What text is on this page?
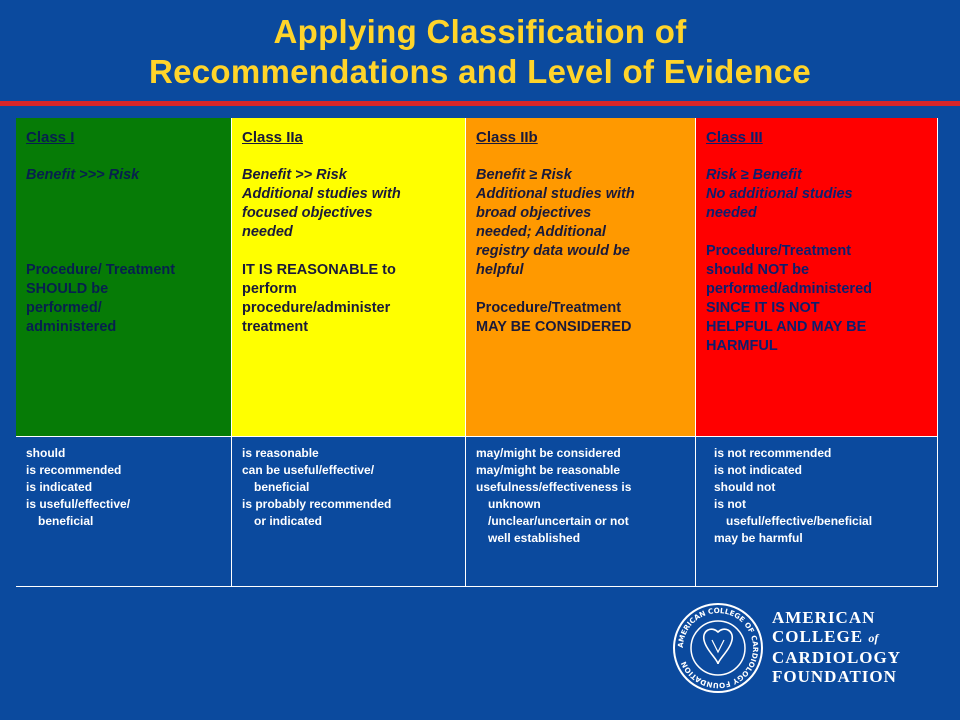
Applying Classification of
Recommendations and Level of Evidence
Class I
Benefit >>> Risk
Procedure/ Treatment
SHOULD be
performed/
administered
Class IIa
Benefit >> Risk
Additional studies with
focused objectives
needed
IT IS REASONABLE to
perform
procedure/administer
treatment
Class IIb
Benefit ≥ Risk
Additional studies with
broad objectives
needed; Additional
registry data would be
helpful
Procedure/Treatment
MAY BE CONSIDERED
Class III
Risk ≥ Benefit
No additional studies
needed
Procedure/Treatment
should NOT be
performed/administered
SINCE IT IS NOT
HELPFUL AND MAY BE
HARMFUL
should
is recommended
is indicated
is useful/effective/
beneficial
is reasonable
can be useful/effective/
beneficial
is probably recommended
or indicated
may/might be considered
may/might be reasonable
usefulness/effectiveness is
unknown
/unclear/uncertain or not
well established
is not recommended
is not indicated
should not
is not
useful/effective/beneficial
may be harmful
AMERICAN COLLEGE OF CARDIOLOGY FOUNDATION
AMERICAN
COLLEGE of
CARDIOLOGY
FOUNDATION
